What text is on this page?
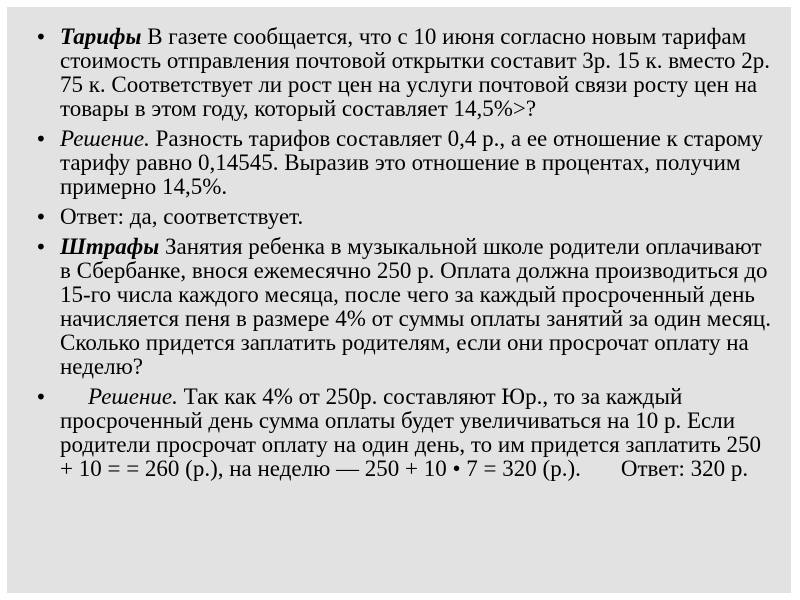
• Тарифы В газете сообщается, что с 10 июня согласно новым тарифам стоимость отправления почтовой открытки составит 3р. 15 к. вместо 2р. 75 к. Соответствует ли рост цен на услуги почтовой связи росту цен на товары в этом году, который составляет 14,5%>?
• Решение. Разность тарифов составляет 0,4 р., а ее отношение к старому тарифу равно 0,14545. Выразив это отношение в процентах, получим примерно 14,5%.
• Ответ: да, соответствует.
• Штрафы Занятия ребенка в музыкальной школе родители оплачивают в Сбербанке, внося ежемесячно 250 р. Оплата должна производиться до 15-го числа каждого месяца, после чего за каждый просроченный день начисляется пеня в размере 4% от суммы оплаты занятий за один месяц. Сколько придется заплатить родителям, если они просрочат оплату на неделю?
• Решение. Так как 4% от 250р. составляют Юр., то за каждый просроченный день сумма оплаты будет увеличиваться на 10 р. Если родители просрочат оплату на один день, то им придется заплатить 250 + 10 = = 260 (р.), на неделю — 250 + 10 • 7 = 320 (р.). Ответ: 320 р.
